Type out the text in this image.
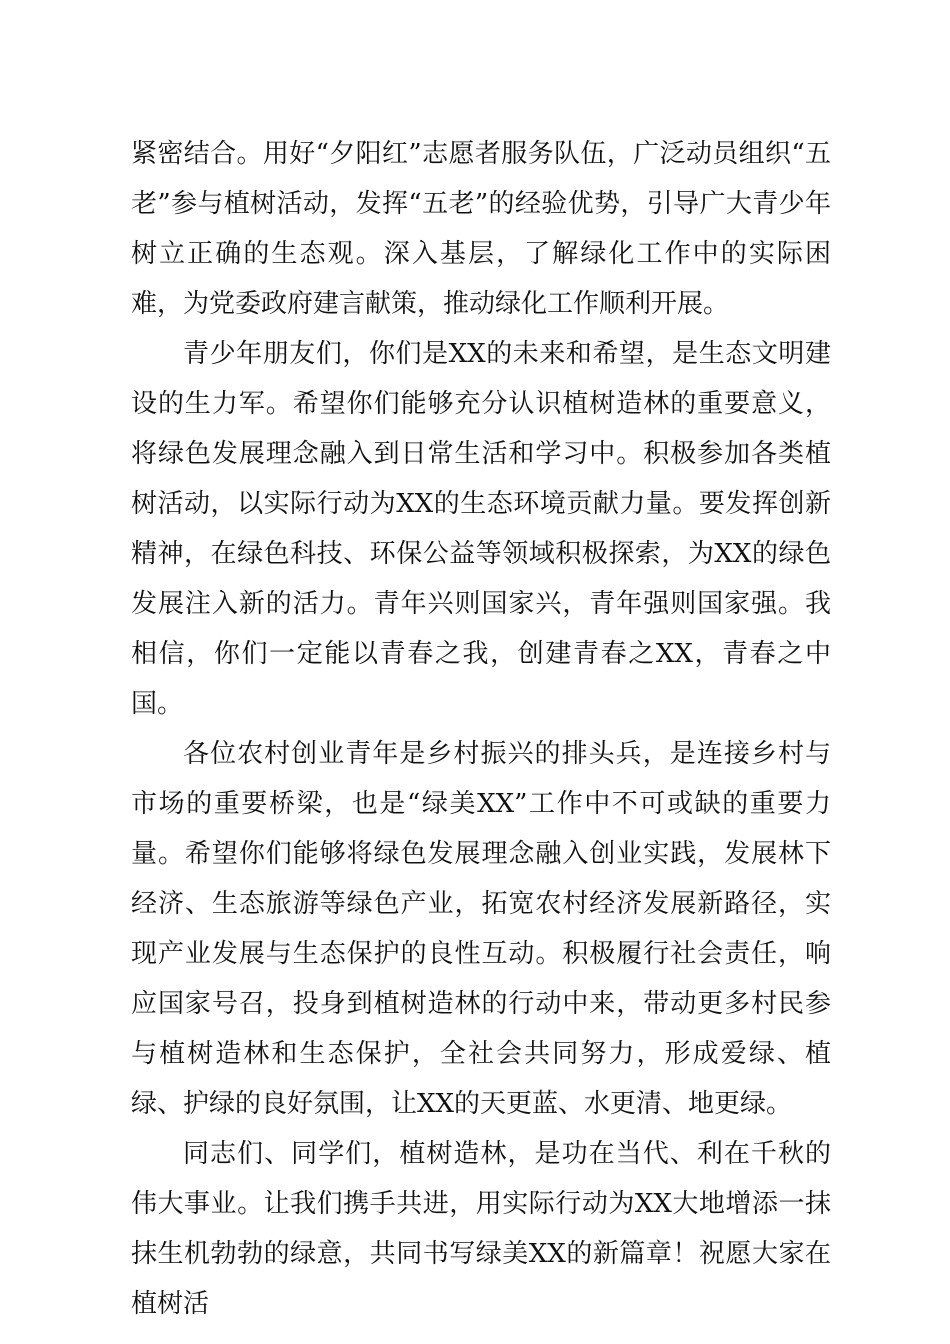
紧密结合。用好“夕阳红”志愿者服务队伍，广泛动员组织“五老”参与植树活动，发挥“五老”的经验优势，引导广大青少年树立正确的生态观。深入基层，了解绿化工作中的实际困难，为党委政府建言献策，推动绿化工作顺利开展。

青少年朋友们，你们是XX的未来和希望，是生态文明建设的生力军。希望你们能够充分认识植树造林的重要意义，将绿色发展理念融入到日常生活和学习中。积极参加各类植树活动，以实际行动为XX的生态环境贡献力量。要发挥创新精神，在绿色科技、环保公益等领域积极探索，为XX的绿色发展注入新的活力。青年兴则国家兴，青年强则国家强。我相信，你们一定能以青春之我，创建青春之XX，青春之中国。

各位农村创业青年是乡村振兴的排头兵，是连接乡村与市场的重要桥梁，也是“绿美XX”工作中不可或缺的重要力量。希望你们能够将绿色发展理念融入创业实践，发展林下经济、生态旅游等绿色产业，拓宽农村经济发展新路径，实现产业发展与生态保护的良性互动。积极履行社会责任，响应国家号召，投身到植树造林的行动中来，带动更多村民参与植树造林和生态保护，全社会共同努力，形成爱绿、植绿、护绿的良好氛围，让XX的天更蓝、水更清、地更绿。

同志们、同学们，植树造林，是功在当代、利在千秋的伟大事业。让我们携手共进，用实际行动为XX大地增添一抹抹生机勃勃的绿意，共同书写绿美XX的新篇章！祝愿大家在植树活
